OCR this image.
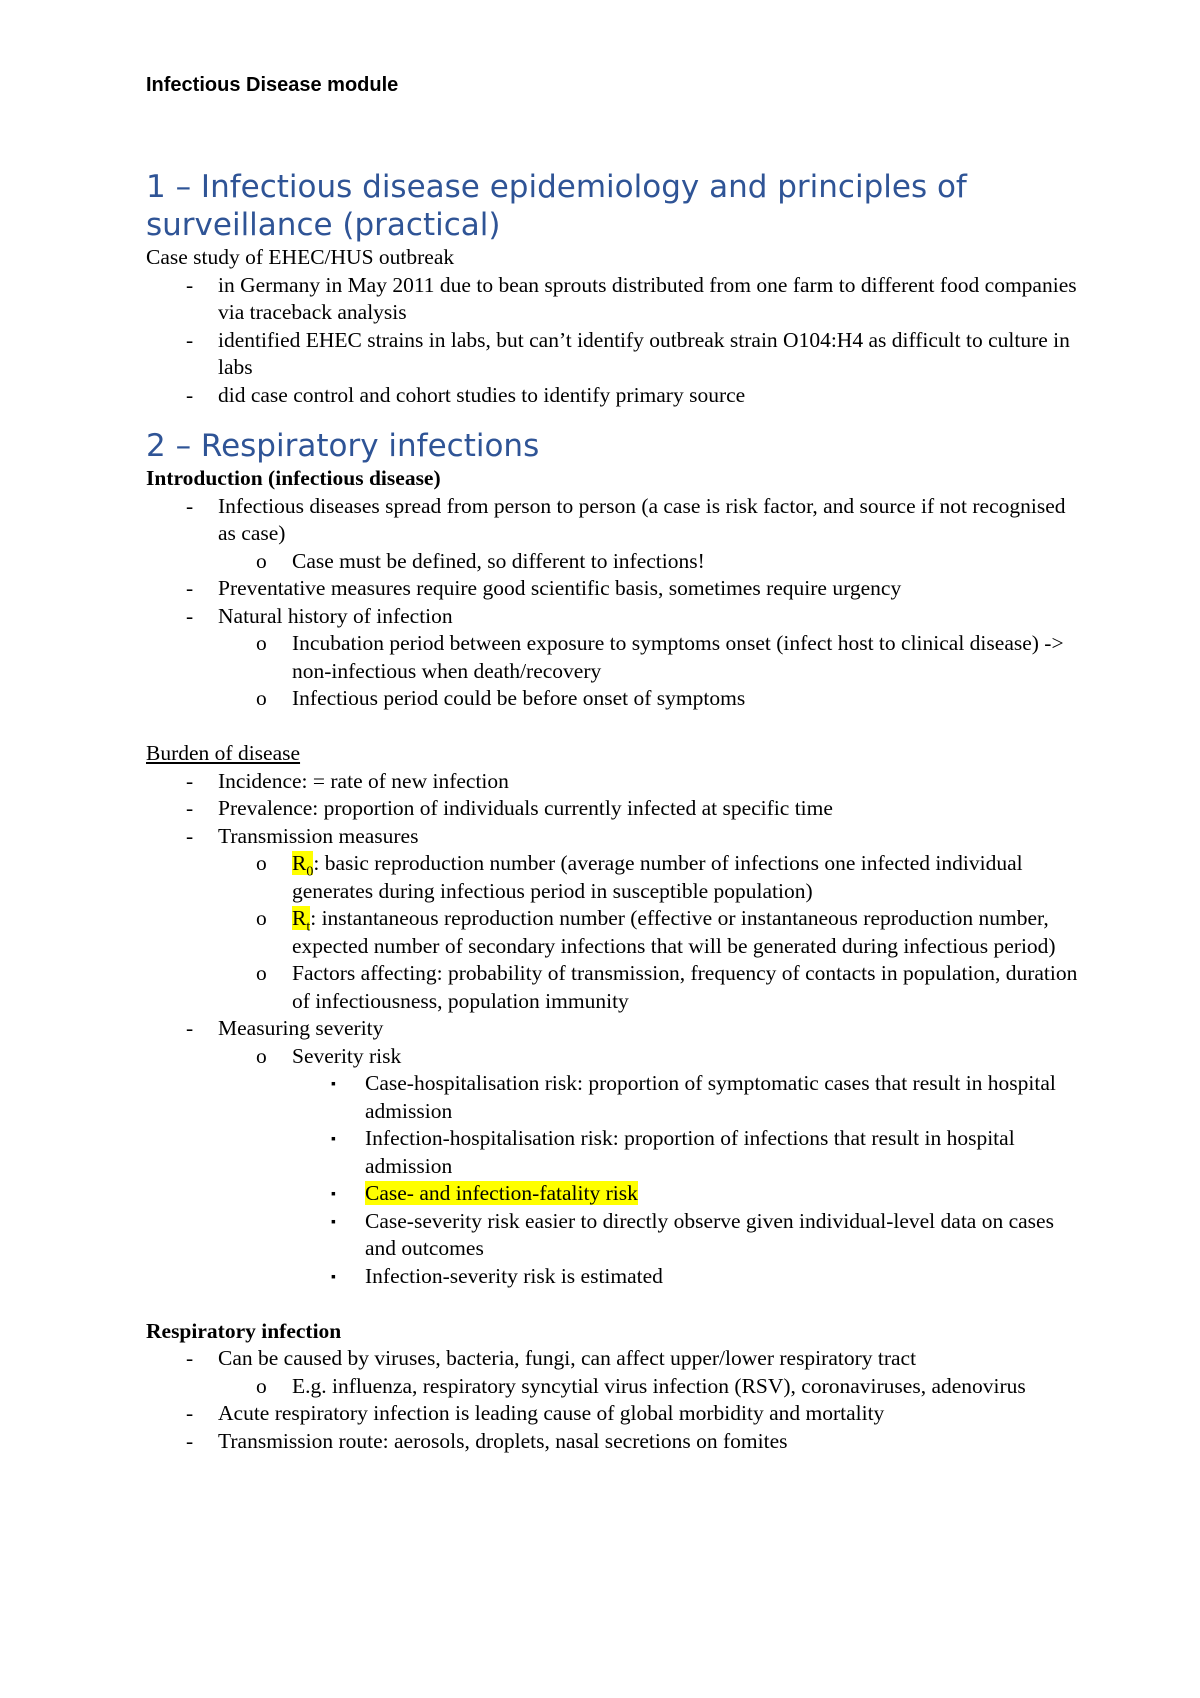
Infectious Disease module
1 – Infectious disease epidemiology and principles of surveillance (practical)

Case study of EHEC/HUS outbreak

-	in Germany in May 2011 due to bean sprouts distributed from one farm to different food companies via traceback analysis
-	identified EHEC strains in labs, but can’t identify outbreak strain O104:H4 as difficult to culture in labs
-	did case control and cohort studies to identify primary source
2 – Respiratory infections

Introduction (infectious disease)

-	Infectious diseases spread from person to person (a case is risk factor, and source if not recognised as case)
o	Case must be defined, so different to infections!
-	Preventative measures require good scientific basis, sometimes require urgency
-	Natural history of infection
o	Incubation period between exposure to symptoms onset (infect host to clinical disease) -> non-infectious when death/recovery
o	Infectious period could be before onset of symptoms

Burden of disease

-	Incidence: = rate of new infection
-	Prevalence: proportion of individuals currently infected at specific time
-	Transmission measures
o	$R_0$: basic reproduction number (average number of infections one infected individual generates during infectious period in susceptible population)
o	$R_t$: instantaneous reproduction number (effective or instantaneous reproduction number, expected number of secondary infections that will be generated during infectious period)
o	Factors affecting: probability of transmission, frequency of contacts in population, duration of infectiousness, population immunity
-	Measuring severity
o	Severity risk
▪	Case-hospitalisation risk: proportion of symptomatic cases that result in hospital admission
▪	Infection-hospitalisation risk: proportion of infections that result in hospital admission
▪	Case- and infection-fatality risk
▪	Case-severity risk easier to directly observe given individual-level data on cases and outcomes
▪	Infection-severity risk is estimated

Respiratory infection

-	Can be caused by viruses, bacteria, fungi, can affect upper/lower respiratory tract
o	E.g. influenza, respiratory syncytial virus infection (RSV), coronaviruses, adenovirus
-	Acute respiratory infection is leading cause of global morbidity and mortality
-	Transmission route: aerosols, droplets, nasal secretions on fomites
